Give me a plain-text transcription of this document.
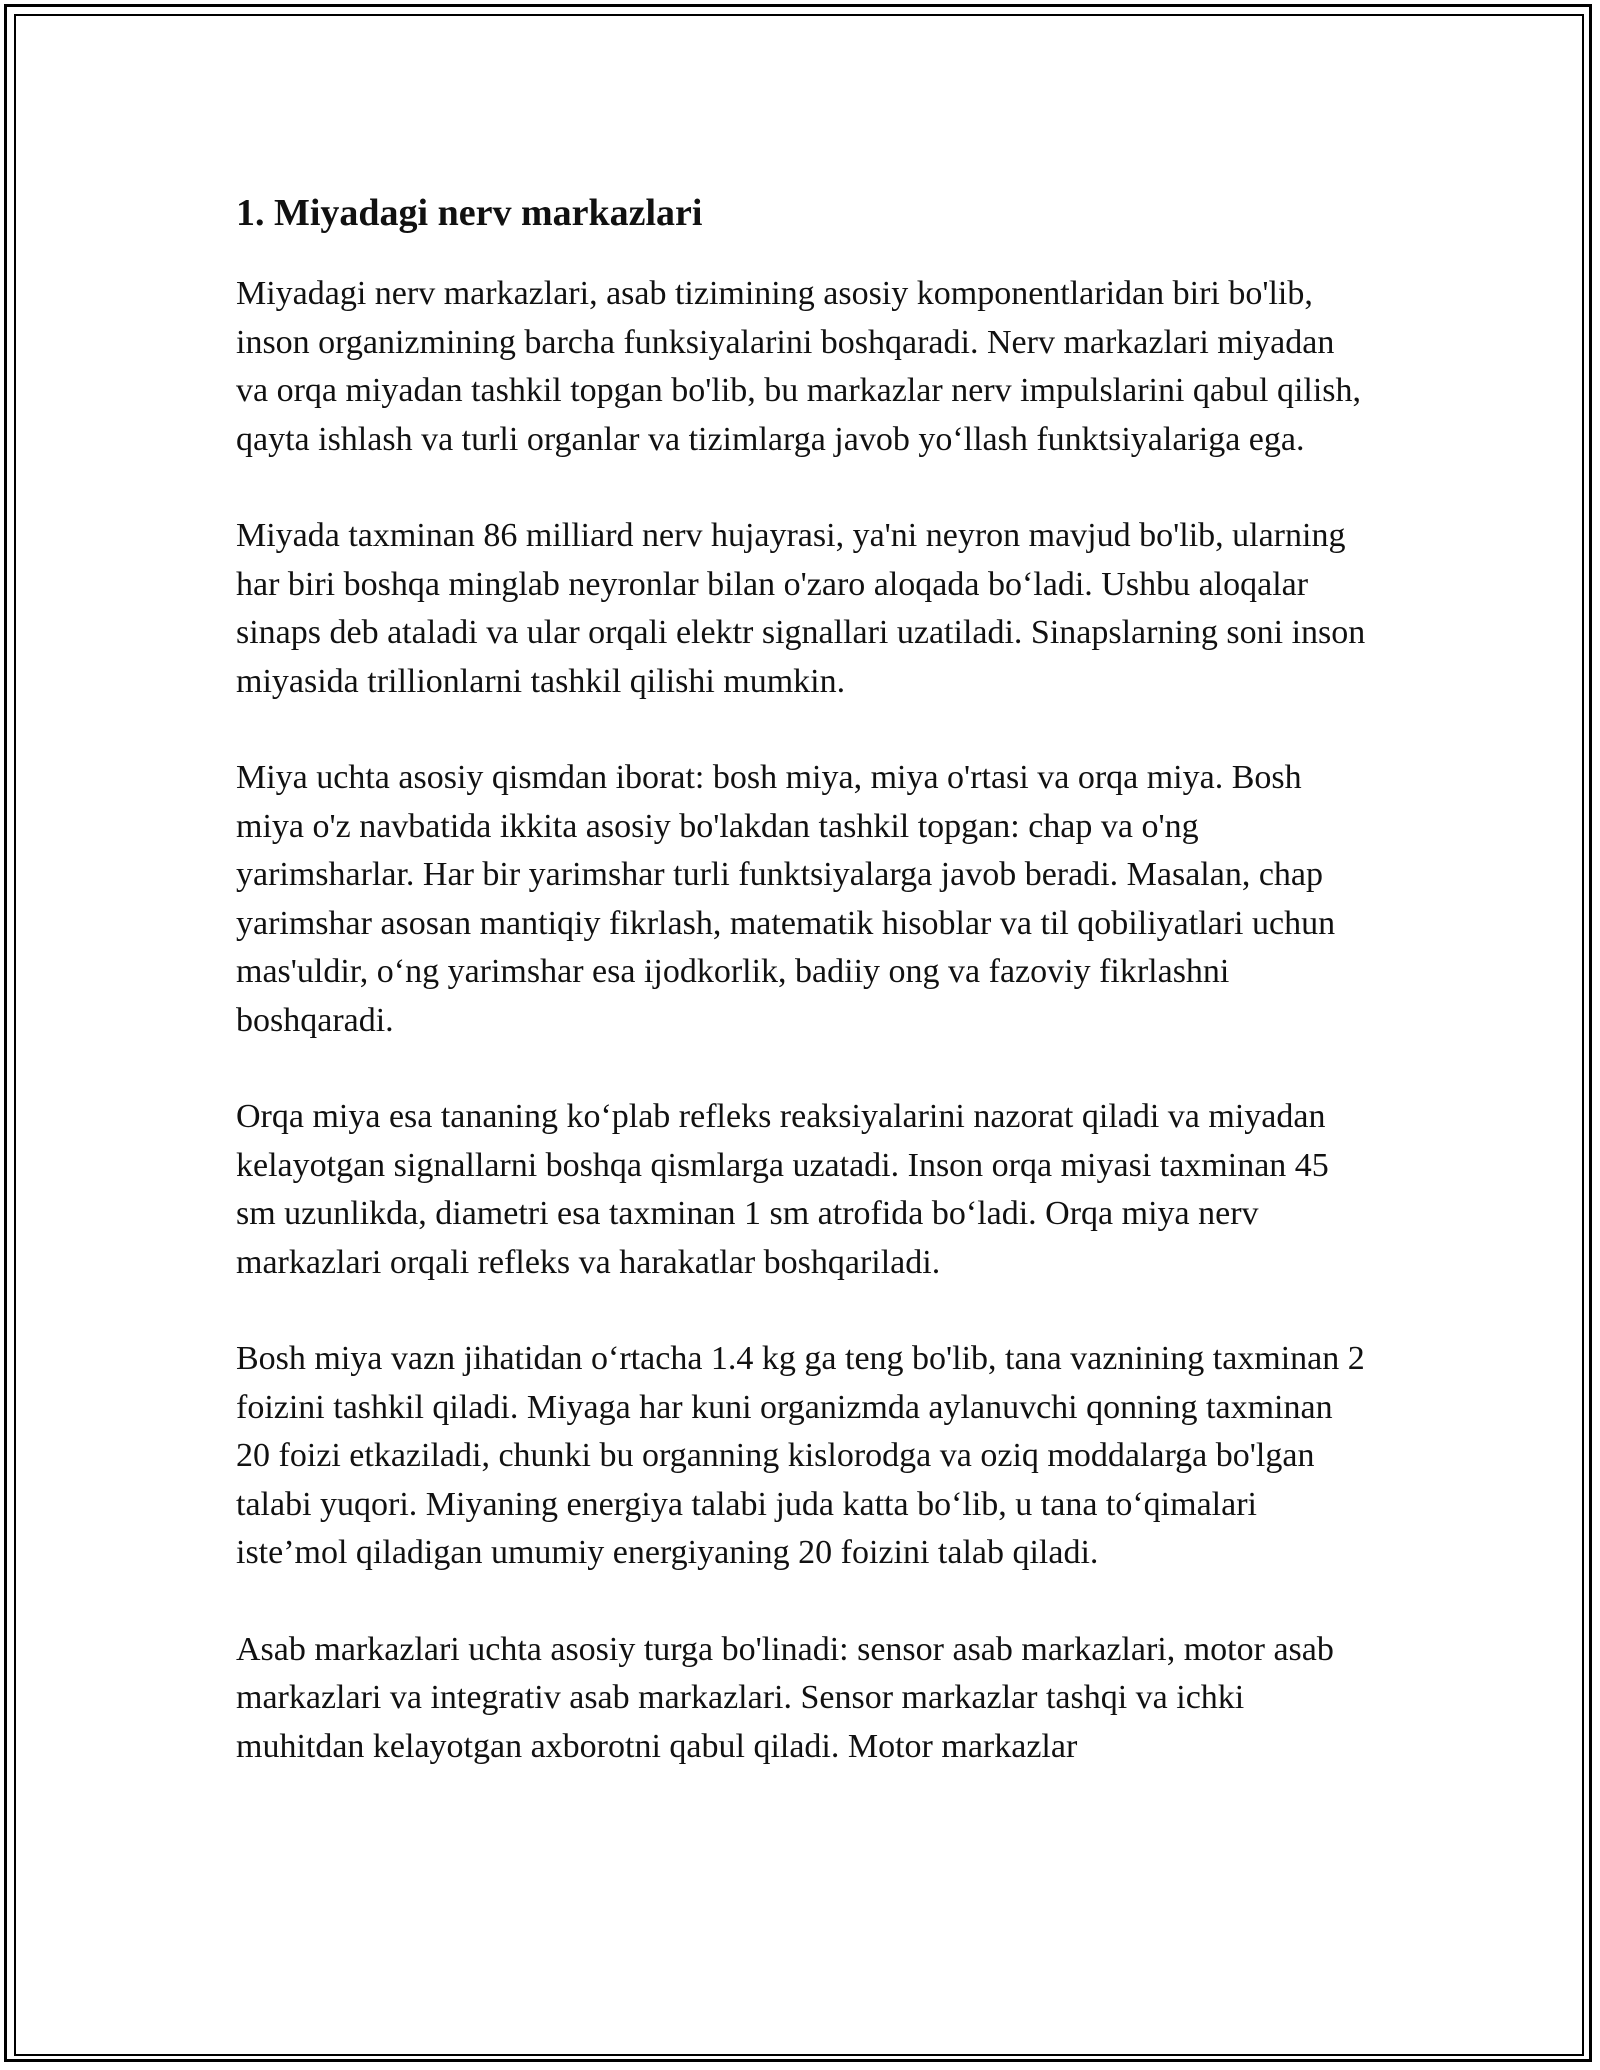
1. Miyadagi nerv markazlari

Miyadagi nerv markazlari, asab tizimining asosiy komponentlaridan biri bo'lib, inson organizmining barcha funksiyalarini boshqaradi. Nerv markazlari miyadan va orqa miyadan tashkil topgan bo'lib, bu markazlar nerv impulslarini qabul qilish, qayta ishlash va turli organlar va tizimlarga javob yo‘llash funktsiyalariga ega.

Miyada taxminan 86 milliard nerv hujayrasi, ya'ni neyron mavjud bo'lib, ularning har biri boshqa minglab neyronlar bilan o'zaro aloqada bo‘ladi. Ushbu aloqalar sinaps deb ataladi va ular orqali elektr signallari uzatiladi. Sinapslarning soni inson miyasida trillionlarni tashkil qilishi mumkin.

Miya uchta asosiy qismdan iborat: bosh miya, miya o'rtasi va orqa miya. Bosh miya o'z navbatida ikkita asosiy bo'lakdan tashkil topgan: chap va o'ng yarimsharlar. Har bir yarimshar turli funktsiyalarga javob beradi. Masalan, chap yarimshar asosan mantiqiy fikrlash, matematik hisoblar va til qobiliyatlari uchun mas'uldir, o‘ng yarimshar esa ijodkorlik, badiiy ong va fazoviy fikrlashni boshqaradi.

Orqa miya esa tananing ko‘plab refleks reaksiyalarini nazorat qiladi va miyadan kelayotgan signallarni boshqa qismlarga uzatadi. Inson orqa miyasi taxminan 45 sm uzunlikda, diametri esa taxminan 1 sm atrofida bo‘ladi. Orqa miya nerv markazlari orqali refleks va harakatlar boshqariladi.

Bosh miya vazn jihatidan o‘rtacha 1.4 kg ga teng bo'lib, tana vaznining taxminan 2 foizini tashkil qiladi. Miyaga har kuni organizmda aylanuvchi qonning taxminan 20 foizi etkaziladi, chunki bu organning kislorodga va oziq moddalarga bo'lgan talabi yuqori. Miyaning energiya talabi juda katta bo‘lib, u tana to‘qimalari iste’mol qiladigan umumiy energiyaning 20 foizini talab qiladi.

Asab markazlari uchta asosiy turga bo'linadi: sensor asab markazlari, motor asab markazlari va integrativ asab markazlari. Sensor markazlar tashqi va ichki muhitdan kelayotgan axborotni qabul qiladi. Motor markazlar
